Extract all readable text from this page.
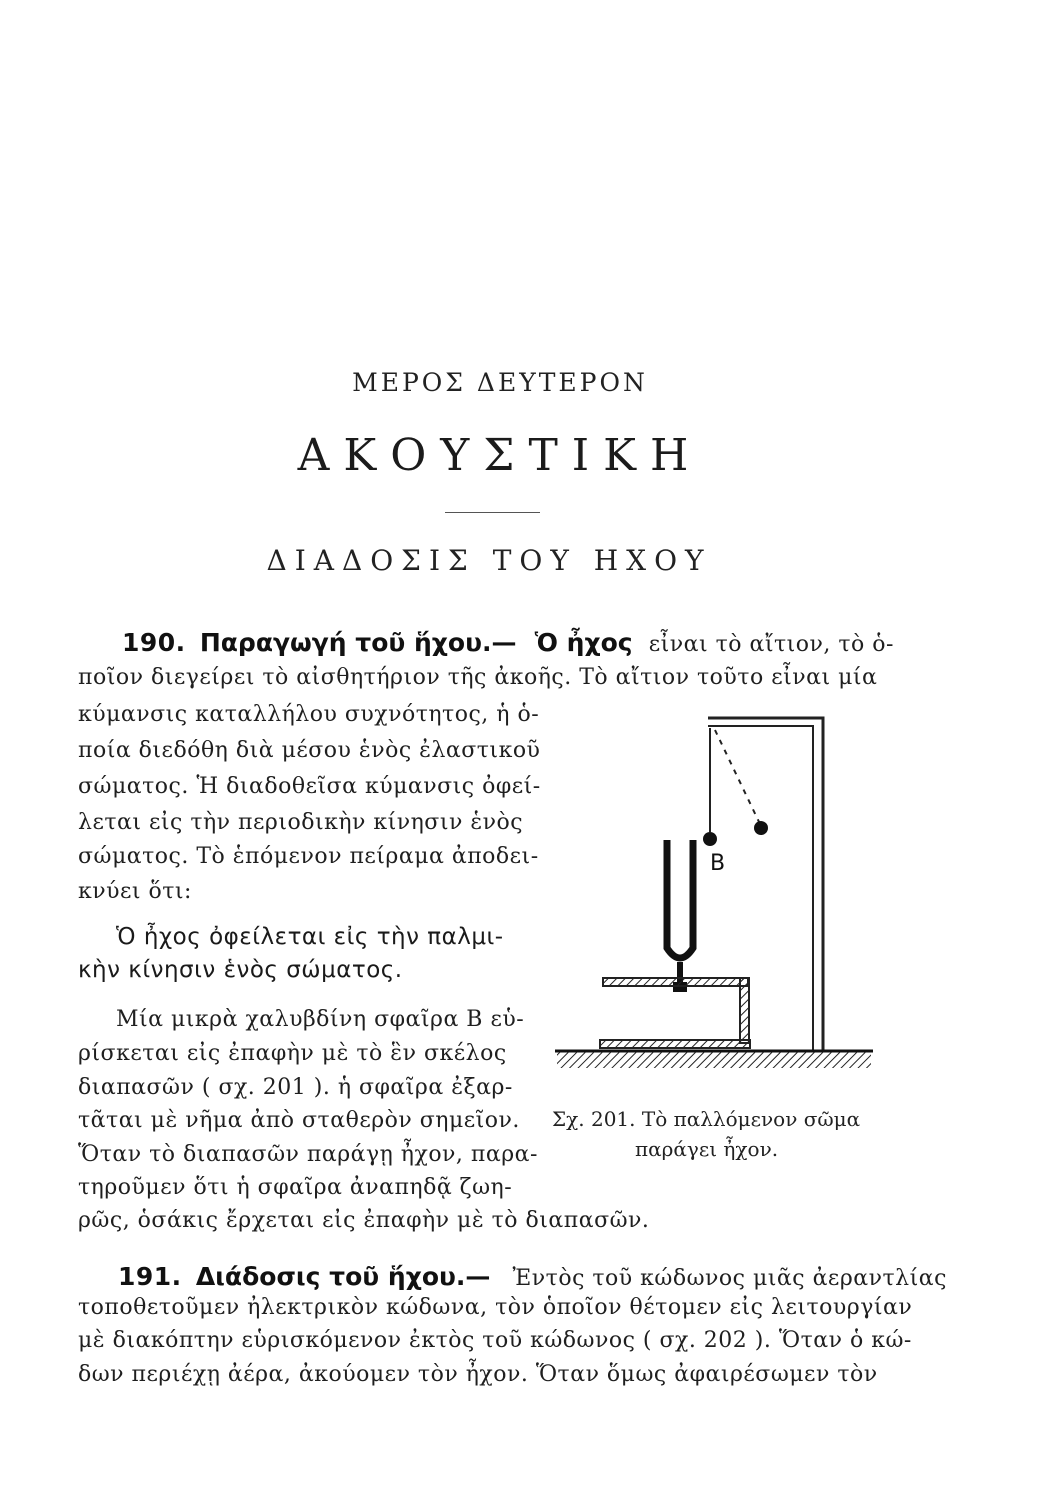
ΜΕΡΟΣ ΔΕΥΤΕΡΟΝ
ΑΚΟΥΣΤΙΚΗ
ΔΙΑΔΟΣΙΣ ΤΟΥ ΗΧΟΥ
190. Παραγωγή τοῦ ἥχου.— Ὁ ἦχος εἶναι τὸ αἴτιον, τὸ ὁ-
ποῖον διεγείρει τὸ αἰσθητήριον τῆς ἀκοῆς. Τὸ αἴτιον τοῦτο εἶναι μία
κύμανσις καταλλήλου συχνότητος, ἡ ὁ-
ποία διεδόθη διὰ μέσου ἑνὸς ἐλαστικοῦ
σώματος. Ἡ διαδοθεῖσα κύμανσις ὀφεί-
λεται εἰς τὴν περιοδικὴν κίνησιν ἑνὸς
σώματος. Τὸ ἑπόμενον πείραμα ἀποδει-
κνύει ὅτι:
Ὁ ἦχος ὀφείλεται εἰς τὴν παλμι-
κὴν κίνησιν ἑνὸς σώματος.
Μία μικρὰ χαλυβδίνη σφαῖρα Β εὑ-
ρίσκεται εἰς ἐπαφὴν μὲ τὸ ἓν σκέλος
διαπασῶν ( σχ. 201 ). ἡ σφαῖρα ἐξαρ-
τᾶται μὲ νῆμα ἀπὸ σταθερὸν σημεῖον.
Ὅταν τὸ διαπασῶν παράγῃ ἦχον, παρα-
τηροῦμεν ὅτι ἡ σφαῖρα ἀναπηδᾷ ζωη-
ρῶς, ὁσάκις ἔρχεται εἰς ἐπαφὴν μὲ τὸ διαπασῶν.
B
Σχ. 201. Τὸ παλλόμενον σῶμα
παράγει ἦχον.
191. Διάδοσις τοῦ ἥχου.— Ἐντὸς τοῦ κώδωνος μιᾶς ἀεραντλίας
τοποθετοῦμεν ἠλεκτρικὸν κώδωνα, τὸν ὁποῖον θέτομεν εἰς λειτουργίαν
μὲ διακόπτην εὑρισκόμενον ἐκτὸς τοῦ κώδωνος ( σχ. 202 ). Ὅταν ὁ κώ-
δων περιέχῃ ἀέρα, ἀκούομεν τὸν ἦχον. Ὅταν ὅμως ἀφαιρέσωμεν τὸν
